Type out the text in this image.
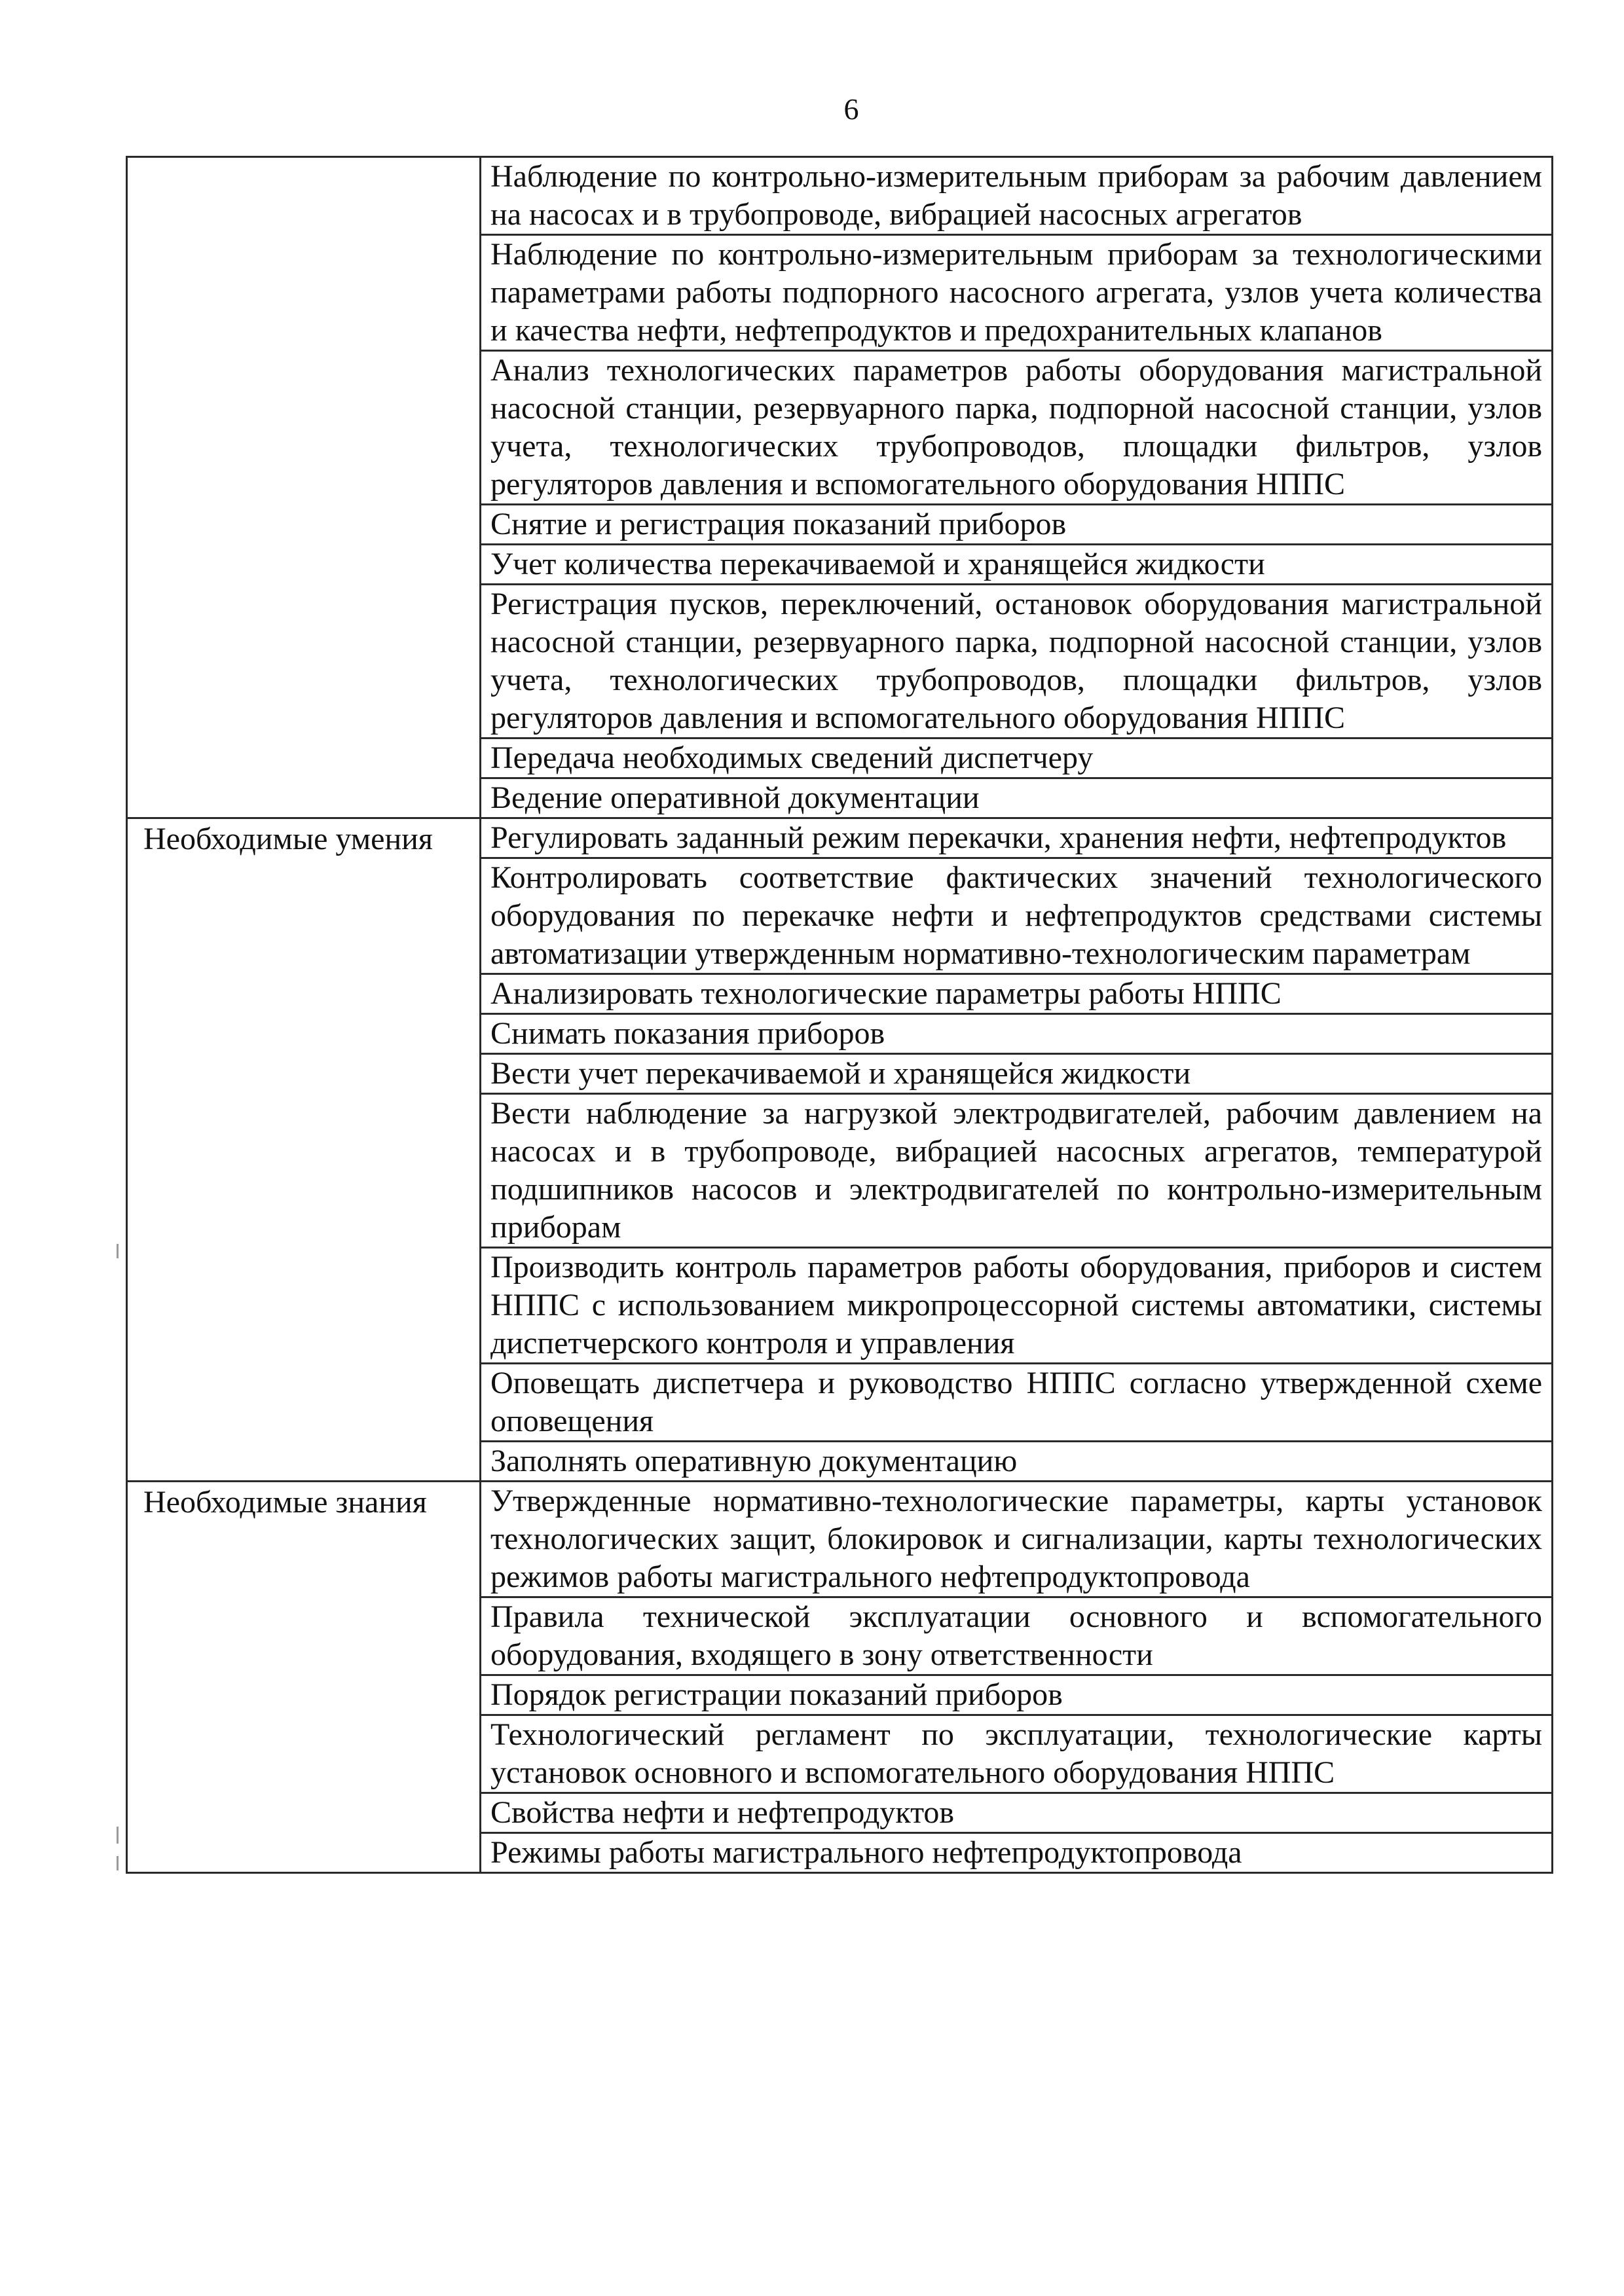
6
	Наблюдение по контрольно-измерительным приборам за рабочим давлением на насосах и в трубопроводе, вибрацией насосных агрегатов
	Наблюдение по контрольно-измерительным приборам за технологическими параметрами работы подпорного насосного агрегата, узлов учета количества и качества нефти, нефтепродуктов и предохранительных клапанов
	Анализ технологических параметров работы оборудования магистральной насосной станции, резервуарного парка, подпорной насосной станции, узлов учета, технологических трубопроводов, площадки фильтров, узлов регуляторов давления и вспомогательного оборудования НППС
	Снятие и регистрация показаний приборов
	Учет количества перекачиваемой и хранящейся жидкости
	Регистрация пусков, переключений, остановок оборудования магистральной насосной станции, резервуарного парка, подпорной насосной станции, узлов учета, технологических трубопроводов, площадки фильтров, узлов регуляторов давления и вспомогательного оборудования НППС
	Передача необходимых сведений диспетчеру
	Ведение оперативной документации
Необходимые умения	Регулировать заданный режим перекачки, хранения нефти, нефтепродуктов
	Контролировать соответствие фактических значений технологического оборудования по перекачке нефти и нефтепродуктов средствами системы автоматизации утвержденным нормативно-технологическим параметрам
	Анализировать технологические параметры работы НППС
	Снимать показания приборов
	Вести учет перекачиваемой и хранящейся жидкости
	Вести наблюдение за нагрузкой электродвигателей, рабочим давлением на насосах и в трубопроводе, вибрацией насосных агрегатов, температурой подшипников насосов и электродвигателей по контрольно-измерительным приборам
	Производить контроль параметров работы оборудования, приборов и систем НППС с использованием микропроцессорной системы автоматики, системы диспетчерского контроля и управления
	Оповещать диспетчера и руководство НППС согласно утвержденной схеме оповещения
	Заполнять оперативную документацию
Необходимые знания	Утвержденные нормативно-технологические параметры, карты установок технологических защит, блокировок и сигнализации, карты технологических режимов работы магистрального нефтепродуктопровода
	Правила технической эксплуатации основного и вспомогательного оборудования, входящего в зону ответственности
	Порядок регистрации показаний приборов
	Технологический регламент по эксплуатации, технологические карты установок основного и вспомогательного оборудования НППС
	Свойства нефти и нефтепродуктов
	Режимы работы магистрального нефтепродуктопровода
